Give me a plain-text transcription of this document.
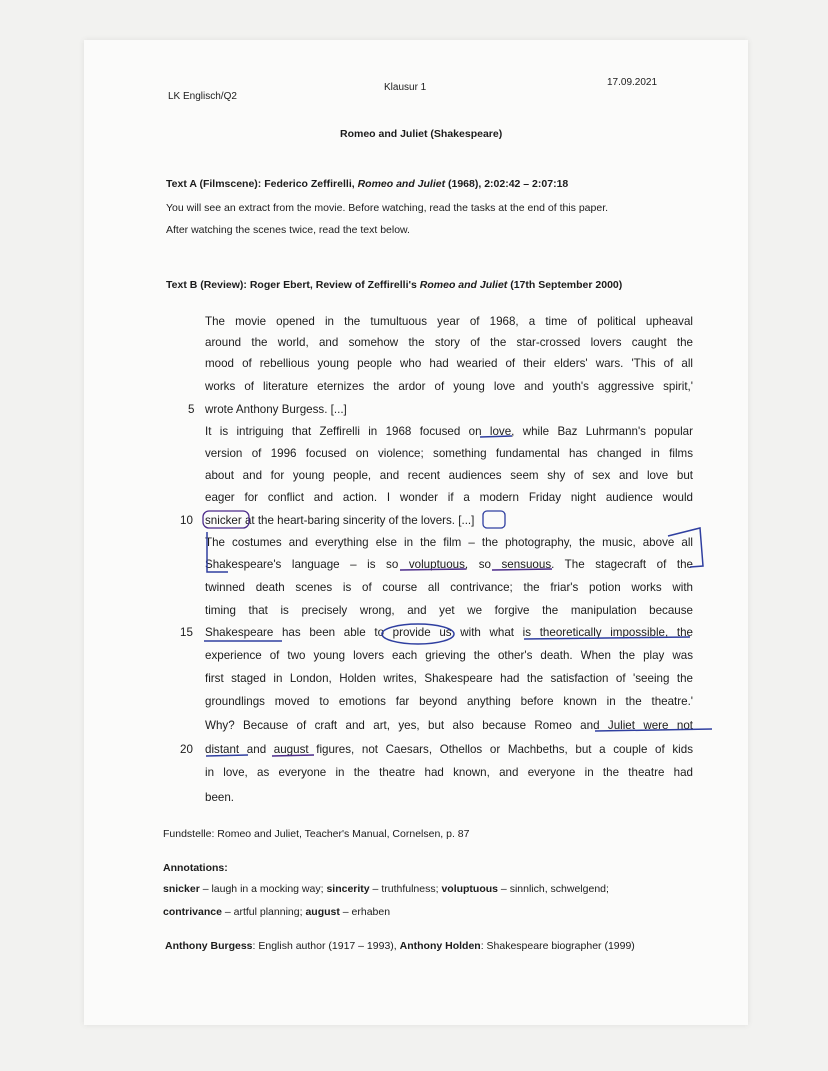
LK Englisch/Q2
Klausur 1	17.09.2021
Romeo and Juliet (Shakespeare)
Text A (Filmscene): Federico Zeffirelli, Romeo and Juliet (1968), 2:02:42 – 2:07:18
You will see an extract from the movie. Before watching, read the tasks at the end of this paper.
After watching the scenes twice, read the text below.
Text B (Review): Roger Ebert, Review of Zeffirelli's Romeo and Juliet (17th September 2000)
5
10
15
20
The movie opened in the tumultuous year of 1968, a time of political upheaval
around the world, and somehow the story of the star-crossed lovers caught the
mood of rebellious young people who had wearied of their elders' wars. 'This of all
works of literature eternizes the ardor of young love and youth's aggressive spirit,'
wrote Anthony Burgess. [...]
It is intriguing that Zeffirelli in 1968 focused on love, while Baz Luhrmann's popular
version of 1996 focused on violence; something fundamental has changed in films
about and for young people, and recent audiences seem shy of sex and love but
eager for conflict and action. I wonder if a modern Friday night audience would
snicker at the heart-baring sincerity of the lovers. [...]
The costumes and everything else in the film – the photography, the music, above all
Shakespeare's language – is so voluptuous, so sensuous. The stagecraft of the
twinned death scenes is of course all contrivance; the friar's potion works with
timing that is precisely wrong, and yet we forgive the manipulation because
Shakespeare has been able to provide us with what is theoretically impossible, the
experience of two young lovers each grieving the other's death. When the play was
first staged in London, Holden writes, Shakespeare had the satisfaction of 'seeing the
groundlings moved to emotions far beyond anything before known in the theatre.'
Why? Because of craft and art, yes, but also because Romeo and Juliet were not
distant and august figures, not Caesars, Othellos or Machbeths, but a couple of kids
in love, as everyone in the theatre had known, and everyone in the theatre had
been.
Fundstelle: Romeo and Juliet, Teacher's Manual, Cornelsen, p. 87
Annotations:
snicker – laugh in a mocking way; sincerity – truthfulness; voluptuous – sinnlich, schwelgend;
contrivance – artful planning; august – erhaben
Anthony Burgess: English author (1917 – 1993), Anthony Holden: Shakespeare biographer (1999)
